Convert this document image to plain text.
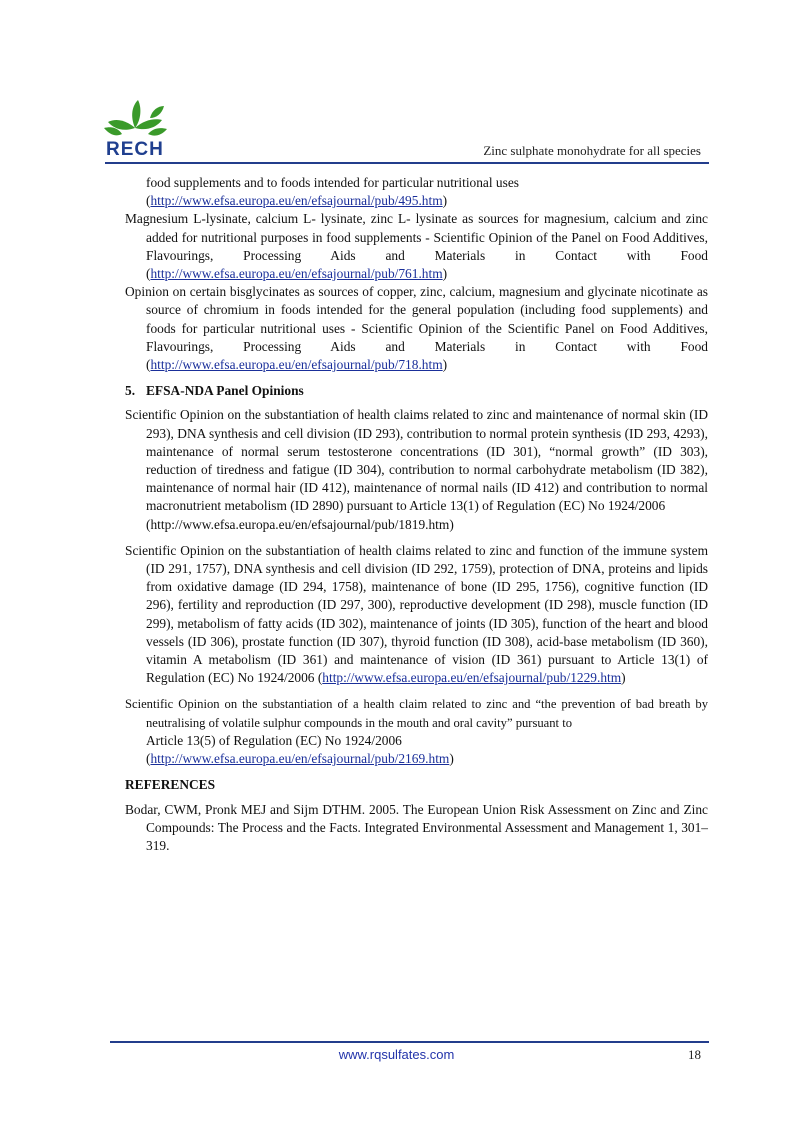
RECH	Zinc sulphate monohydrate for all species

food supplements and to foods intended for particular nutritional uses
(http://www.efsa.europa.eu/en/efsajournal/pub/495.htm)

Magnesium L-lysinate, calcium L- lysinate, zinc L- lysinate as sources for magnesium, calcium and zinc added for nutritional purposes in food supplements - Scientific Opinion of the Panel on Food Additives, Flavourings, Processing Aids and Materials in Contact with Food (http://www.efsa.europa.eu/en/efsajournal/pub/761.htm)

Opinion on certain bisglycinates as sources of copper, zinc, calcium, magnesium and glycinate nicotinate as source of chromium in foods intended for the general population (including food supplements) and foods for particular nutritional uses - Scientific Opinion of the Scientific Panel on Food Additives, Flavourings, Processing Aids and Materials in Contact with Food (http://www.efsa.europa.eu/en/efsajournal/pub/718.htm)

5. EFSA-NDA Panel Opinions

Scientific Opinion on the substantiation of health claims related to zinc and maintenance of normal skin (ID 293), DNA synthesis and cell division (ID 293), contribution to normal protein synthesis (ID 293, 4293), maintenance of normal serum testosterone concentrations (ID 301), “normal growth” (ID 303), reduction of tiredness and fatigue (ID 304), contribution to normal carbohydrate metabolism (ID 382), maintenance of normal hair (ID 412), maintenance of normal nails (ID 412) and contribution to normal macronutrient metabolism (ID 2890) pursuant to Article 13(1) of Regulation (EC) No 1924/2006
(http://www.efsa.europa.eu/en/efsajournal/pub/1819.htm)

Scientific Opinion on the substantiation of health claims related to zinc and function of the immune system (ID 291, 1757), DNA synthesis and cell division (ID 292, 1759), protection of DNA, proteins and lipids from oxidative damage (ID 294, 1758), maintenance of bone (ID 295, 1756), cognitive function (ID 296), fertility and reproduction (ID 297, 300), reproductive development (ID 298), muscle function (ID 299), metabolism of fatty acids (ID 302), maintenance of joints (ID 305), function of the heart and blood vessels (ID 306), prostate function (ID 307), thyroid function (ID 308), acid-base metabolism (ID 360), vitamin A metabolism (ID 361) and maintenance of vision (ID 361) pursuant to Article 13(1) of Regulation (EC) No 1924/2006 (http://www.efsa.europa.eu/en/efsajournal/pub/1229.htm)

Scientific Opinion on the substantiation of a health claim related to zinc and “the prevention of bad breath by neutralising of volatile sulphur compounds in the mouth and oral cavity” pursuant to
Article 13(5) of Regulation (EC) No 1924/2006
(http://www.efsa.europa.eu/en/efsajournal/pub/2169.htm)

REFERENCES

Bodar, CWM, Pronk MEJ and Sijm DTHM. 2005. The European Union Risk Assessment on Zinc and Zinc Compounds: The Process and the Facts. Integrated Environmental Assessment and Management 1, 301–319.

www.rqsulfates.com	18
